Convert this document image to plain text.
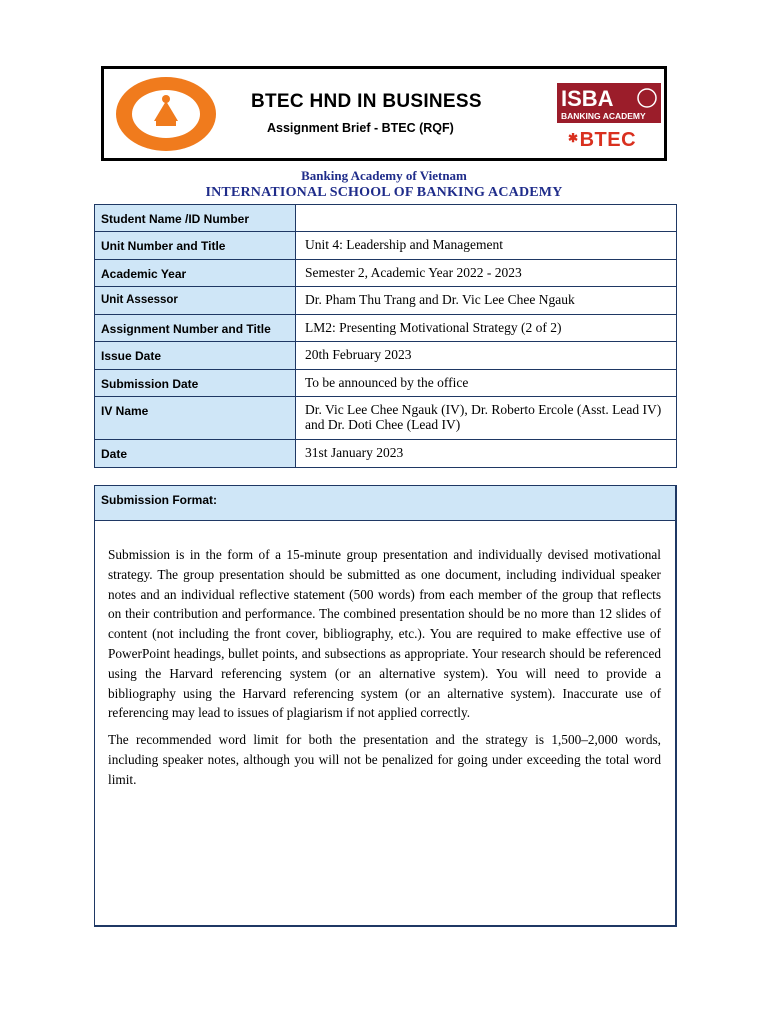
BTEC HND IN BUSINESS
Assignment Brief - BTEC (RQF)
ISBA
BANKING ACADEMY
✱BTEC
Banking Academy of Vietnam
INTERNATIONAL SCHOOL OF BANKING ACADEMY
Student Name /ID Number	
Unit Number and Title	Unit 4: Leadership and Management
Academic Year	Semester 2, Academic Year 2022 - 2023
Unit Assessor	Dr. Pham Thu Trang and Dr. Vic Lee Chee Ngauk
Assignment Number and Title	LM2: Presenting Motivational Strategy (2 of 2)
Issue Date	20th February 2023
Submission Date	To be announced by the office
IV Name	Dr. Vic Lee Chee Ngauk (IV), Dr. Roberto Ercole (Asst. Lead IV) and Dr. Doti Chee (Lead IV)
Date	31st January 2023
Submission Format:

Submission is in the form of a 15-minute group presentation and individually devised motivational strategy. The group presentation should be submitted as one document, including individual speaker notes and an individual reflective statement (500 words) from each member of the group that reflects on their contribution and performance. The combined presentation should be no more than 12 slides of content (not including the front cover, bibliography, etc.). You are required to make effective use of PowerPoint headings, bullet points, and subsections as appropriate. Your research should be referenced using the Harvard referencing system (or an alternative system). You will need to provide a bibliography using the Harvard referencing system (or an alternative system). Inaccurate use of referencing may lead to issues of plagiarism if not applied correctly.

The recommended word limit for both the presentation and the strategy is 1,500–2,000 words, including speaker notes, although you will not be penalized for going under exceeding the total word limit.
